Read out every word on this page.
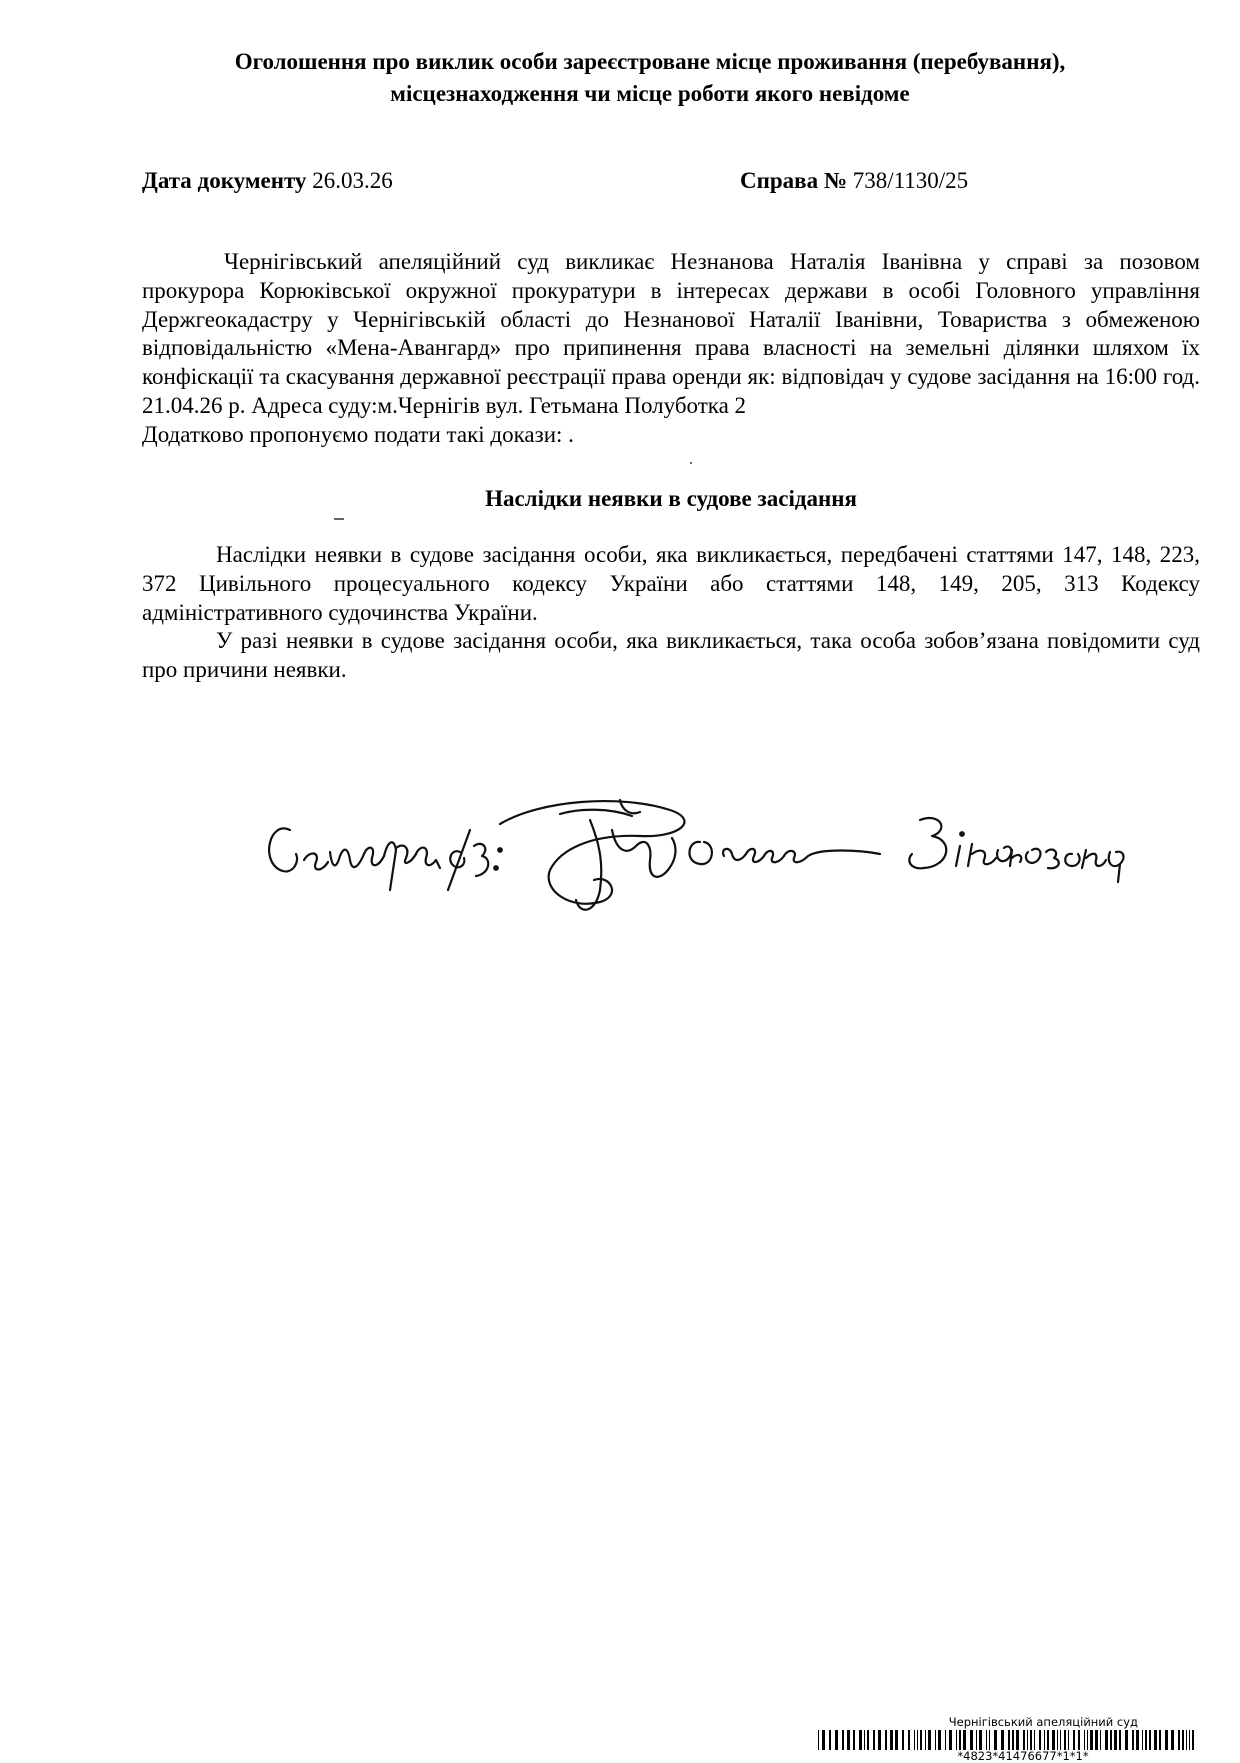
Оголошення про виклик особи зареєстроване місце проживання (перебування),
місцезнаходження чи місце роботи якого невідоме
Дата документу 26.03.26	Справа № 738/1130/25

Чернігівський апеляційний суд викликає Незнанова Наталія Іванівна у справі за позовом прокурора Корюківської окружної прокуратури в інтересах держави в особі Головного управління Держгеокадастру у Чернігівській області до Незнанової Наталії Іванівни, Товариства з обмеженою відповідальністю «Мена-Авангард» про припинення права власності на земельні ділянки шляхом їх конфіскації та скасування державної реєстрації права оренди як: відповідач у судове засідання на 16:00 год. 21.04.26 р. Адреса суду:м.Чернігів вул. Гетьмана Полуботка 2

Додатково пропонуємо подати такі докази: .

Наслідки неявки в судове засідання

Наслідки неявки в судове засідання особи, яка викликається, передбачені статтями 147, 148, 223, 372 Цивільного процесуального кодексу України або статтями 148, 149, 205, 313 Кодексу адміністративного судочинства України.

У разі неявки в судове засідання особи, яка викликається, така особа зобов’язана повідомити суд про причини неявки.

Чернігівський апеляційний суд
*4823*41476677*1*1*
